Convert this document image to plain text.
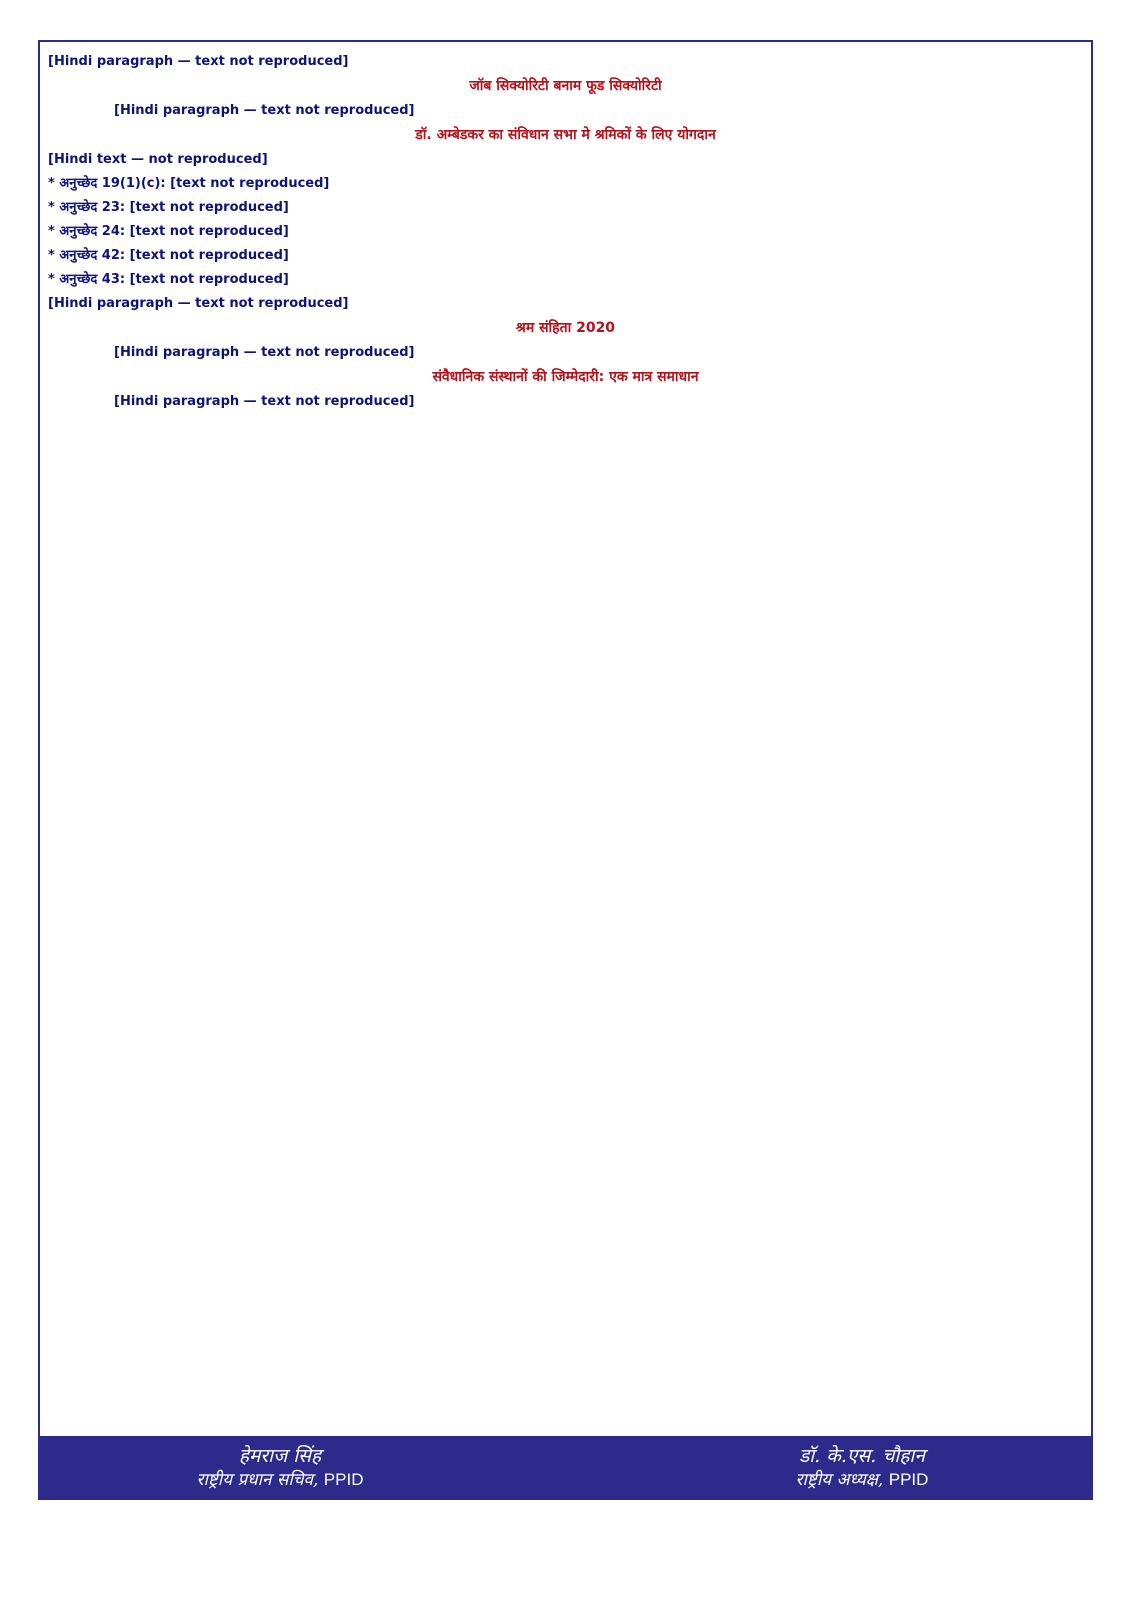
[Hindi paragraph — text not reproduced]

जॉब सिक्योरिटी बनाम फूड सिक्योरिटी

[Hindi paragraph — text not reproduced]

डॉ. अम्बेडकर का संविधान सभा मे श्रमिकों के लिए योगदान

[Hindi text — not reproduced]

* अनुच्छेद 19(1)(c): [text not reproduced]

* अनुच्छेद 23: [text not reproduced]

* अनुच्छेद 24: [text not reproduced]

* अनुच्छेद 42: [text not reproduced]

* अनुच्छेद 43: [text not reproduced]

[Hindi paragraph — text not reproduced]

श्रम संहिता 2020

[Hindi paragraph — text not reproduced]

संवैधानिक संस्थानों की जिम्मेदारी: एक मात्र समाधान

[Hindi paragraph — text not reproduced]

हेमराज सिंह
राष्ट्रीय प्रधान सचिव, PPID
डॉ. के.एस. चौहान
राष्ट्रीय अध्यक्ष, PPID
